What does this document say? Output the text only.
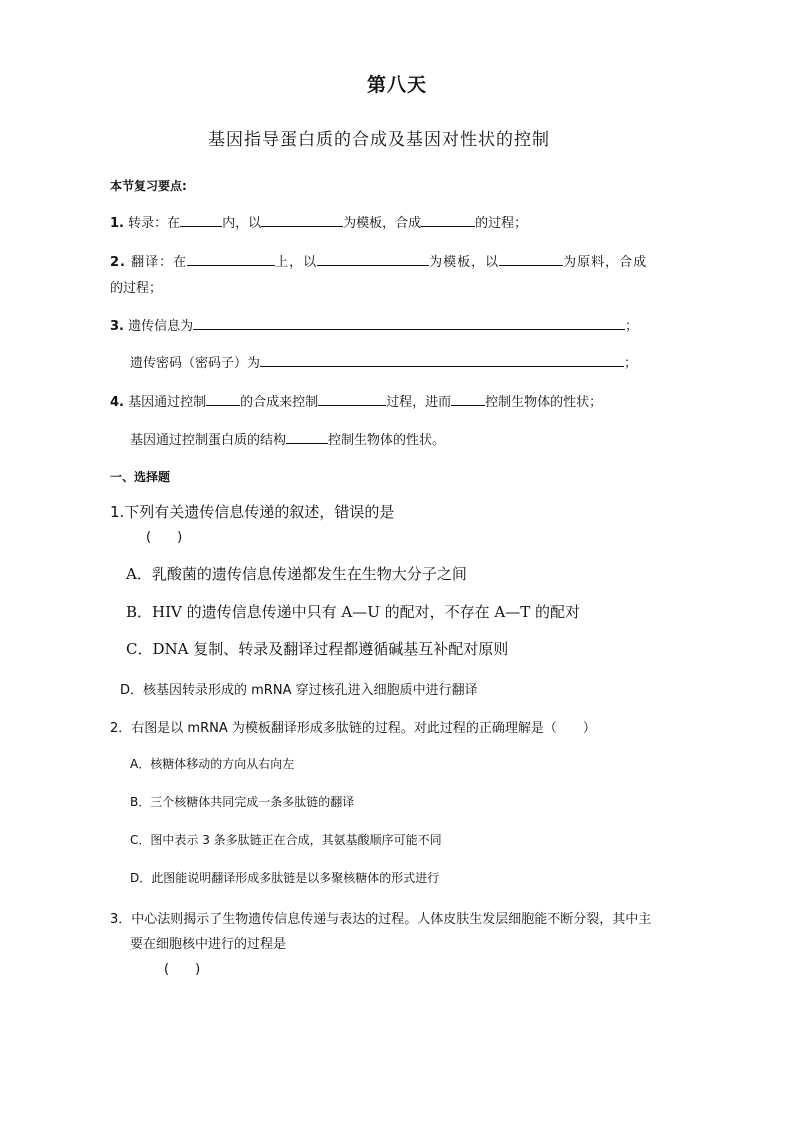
第八天
基因指导蛋白质的合成及基因对性状的控制
本节复习要点:
1. 转录：在	内，以	为模板，合成	的过程；
2. 翻译：在	上，以	为模板，以	为原料，合成
的过程；
3. 遗传信息为	；
遗传密码（密码子）为	；
4. 基因通过控制	的合成来控制	过程，进而	控制生物体的性状；
基因通过控制蛋白质的结构	控制生物体的性状。
一、选择题
1.下列有关遗传信息传递的叙述，错误的是
(　　)
A．乳酸菌的遗传信息传递都发生在生物大分子之间
B．HIV 的遗传信息传递中只有 A—U 的配对，不存在 A—T 的配对
C．DNA 复制、转录及翻译过程都遵循碱基互补配对原则
D．核基因转录形成的 mRNA 穿过核孔进入细胞质中进行翻译
2．右图是以 mRNA 为模板翻译形成多肽链的过程。对此过程的正确理解是（　　）
A．核糖体移动的方向从右向左
B．三个核糖体共同完成一条多肽链的翻译
C．图中表示 3 条多肽链正在合成，其氨基酸顺序可能不同
D．此图能说明翻译形成多肽链是以多聚核糖体的形式进行
3．中心法则揭示了生物遗传信息传递与表达的过程。人体皮肤生发层细胞能不断分裂，其中主
要在细胞核中进行的过程是
(　　)
